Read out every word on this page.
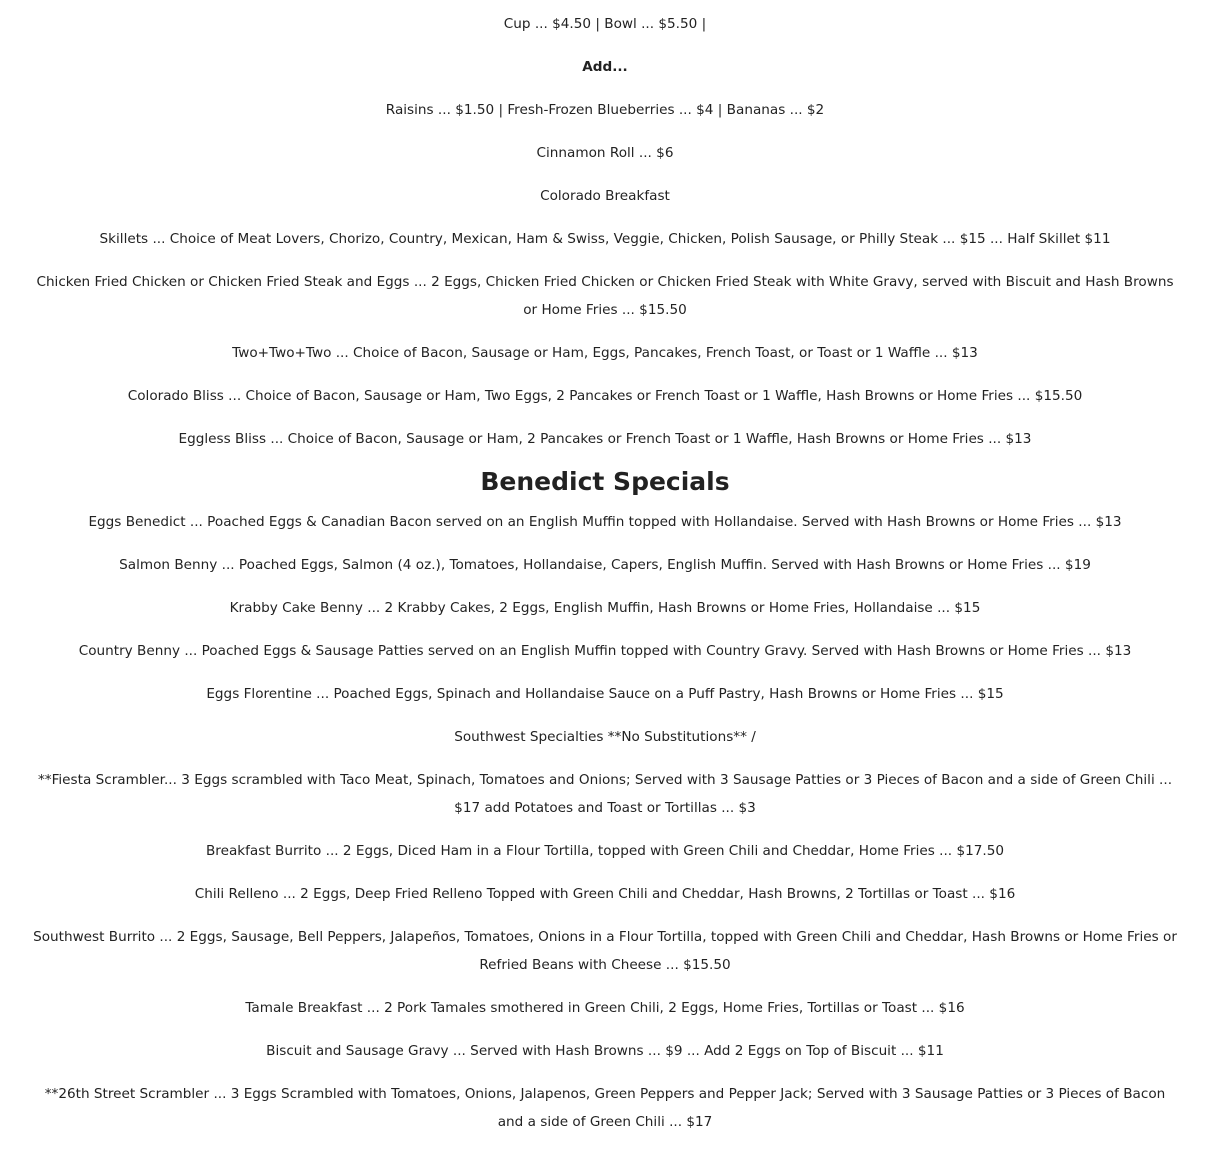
Cup ... $4.50 | Bowl ... $5.50 |

Add...

Raisins ... $1.50 | Fresh-Frozen Blueberries ... $4 | Bananas ... $2

Cinnamon Roll ... $6

Colorado Breakfast

Skillets ... Choice of Meat Lovers, Chorizo, Country, Mexican, Ham & Swiss, Veggie, Chicken, Polish Sausage, or Philly Steak ... $15 ... Half Skillet $11

Chicken Fried Chicken or Chicken Fried Steak and Eggs ... 2 Eggs, Chicken Fried Chicken or Chicken Fried Steak with White Gravy, served with Biscuit and Hash Browns or Home Fries ... $15.50

Two+Two+Two ... Choice of Bacon, Sausage or Ham, Eggs, Pancakes, French Toast, or Toast or 1 Waffle ... $13

Colorado Bliss ... Choice of Bacon, Sausage or Ham, Two Eggs, 2 Pancakes or French Toast or 1 Waffle, Hash Browns or Home Fries ... $15.50

Eggless Bliss ... Choice of Bacon, Sausage or Ham, 2 Pancakes or French Toast or 1 Waffle, Hash Browns or Home Fries ... $13

Benedict Specials

Eggs Benedict ... Poached Eggs & Canadian Bacon served on an English Muffin topped with Hollandaise. Served with Hash Browns or Home Fries ... $13

Salmon Benny ... Poached Eggs, Salmon (4 oz.), Tomatoes, Hollandaise, Capers, English Muffin. Served with Hash Browns or Home Fries ... $19

Krabby Cake Benny ... 2 Krabby Cakes, 2 Eggs, English Muffin, Hash Browns or Home Fries, Hollandaise ... $15

Country Benny ... Poached Eggs & Sausage Patties served on an English Muffin topped with Country Gravy. Served with Hash Browns or Home Fries ... $13

Eggs Florentine ... Poached Eggs, Spinach and Hollandaise Sauce on a Puff Pastry, Hash Browns or Home Fries ... $15

Southwest Specialties **No Substitutions** /

**Fiesta Scrambler... 3 Eggs scrambled with Taco Meat, Spinach, Tomatoes and Onions; Served with 3 Sausage Patties or 3 Pieces of Bacon and a side of Green Chili ... $17 add Potatoes and Toast or Tortillas ... $3

Breakfast Burrito ... 2 Eggs, Diced Ham in a Flour Tortilla, topped with Green Chili and Cheddar, Home Fries ... $17.50

Chili Relleno ... 2 Eggs, Deep Fried Relleno Topped with Green Chili and Cheddar, Hash Browns, 2 Tortillas or Toast ... $16

Southwest Burrito ... 2 Eggs, Sausage, Bell Peppers, Jalapeños, Tomatoes, Onions in a Flour Tortilla, topped with Green Chili and Cheddar, Hash Browns or Home Fries or Refried Beans with Cheese ... $15.50

Tamale Breakfast ... 2 Pork Tamales smothered in Green Chili, 2 Eggs, Home Fries, Tortillas or Toast ... $16

Biscuit and Sausage Gravy ... Served with Hash Browns ... $9 ... Add 2 Eggs on Top of Biscuit ... $11

**26th Street Scrambler ... 3 Eggs Scrambled with Tomatoes, Onions, Jalapenos, Green Peppers and Pepper Jack; Served with 3 Sausage Patties or 3 Pieces of Bacon and a side of Green Chili ... $17
